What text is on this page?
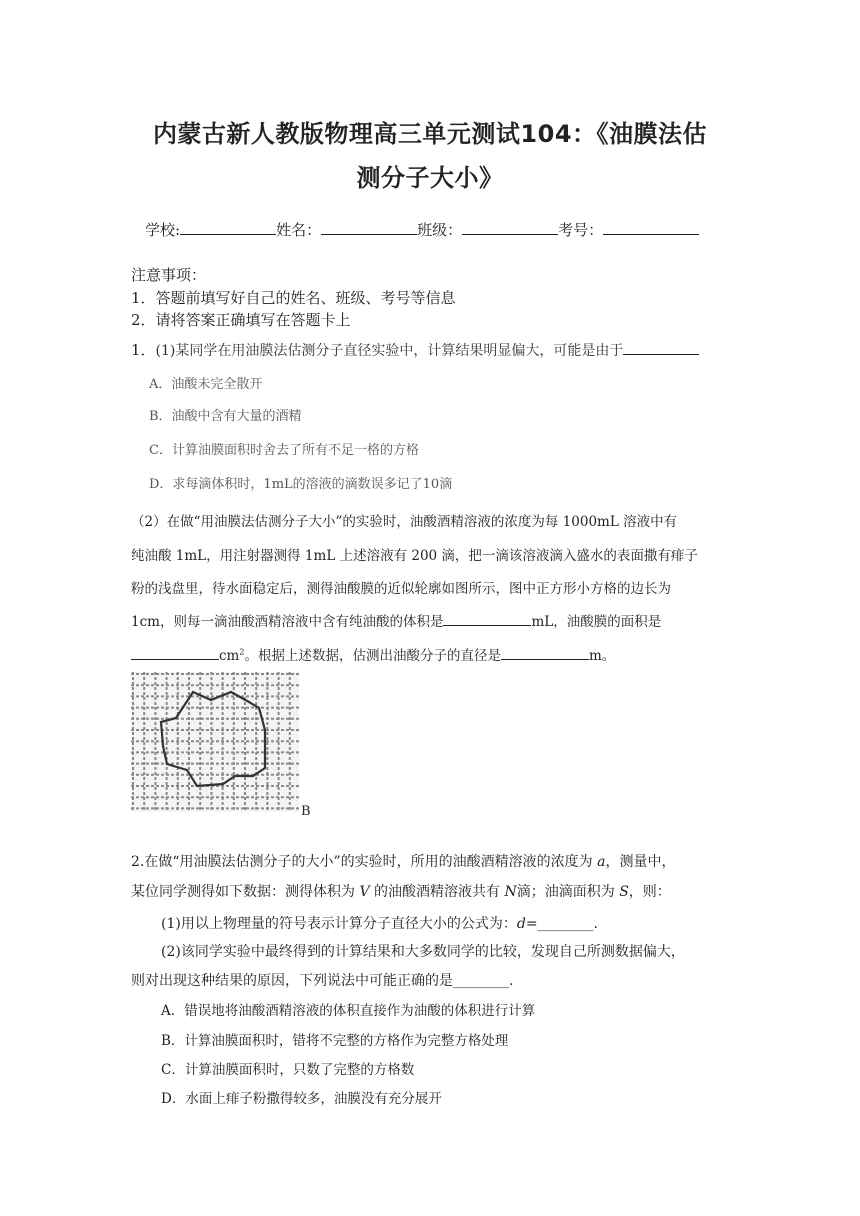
内蒙古新人教版物理高三单元测试104：《油膜法估
测分子大小》
学校:	姓名：	班级：	考号：
注意事项：
1．答题前填写好自己的姓名、班级、考号等信息
2．请将答案正确填写在答题卡上
1．(1)某同学在用油膜法估测分子直径实验中，计算结果明显偏大，可能是由于
A．油酸未完全散开
B．油酸中含有大量的酒精
C．计算油膜面积时舍去了所有不足一格的方格
D．求每滴体积时，1mL的溶液的滴数误多记了10滴
（2）在做“用油膜法估测分子大小”的实验时，油酸酒精溶液的浓度为每 1000mL 溶液中有
纯油酸 1mL，用注射器测得 1mL 上述溶液有 200 滴，把一滴该溶液滴入盛水的表面撒有痱子
粉的浅盘里，待水面稳定后，测得油酸膜的近似轮廓如图所示，图中正方形小方格的边长为
1cm，则每一滴油酸酒精溶液中含有纯油酸的体积是	mL，油酸膜的面积是
$cm^2$。根据上述数据，估测出油酸分子的直径是	m。
B
2.在做“用油膜法估测分子的大小”的实验时，所用的油酸酒精溶液的浓度为 a，测量中，
某位同学测得如下数据：测得体积为 V 的油酸酒精溶液共有 N滴；油滴面积为 S，则：
(1)用以上物理量的符号表示计算分子直径大小的公式为：d=________.
(2)该同学实验中最终得到的计算结果和大多数同学的比较，发现自己所测数据偏大，
则对出现这种结果的原因，下列说法中可能正确的是________.
A．错误地将油酸酒精溶液的体积直接作为油酸的体积进行计算
B．计算油膜面积时，错将不完整的方格作为完整方格处理
C．计算油膜面积时，只数了完整的方格数
D．水面上痱子粉撒得较多，油膜没有充分展开
